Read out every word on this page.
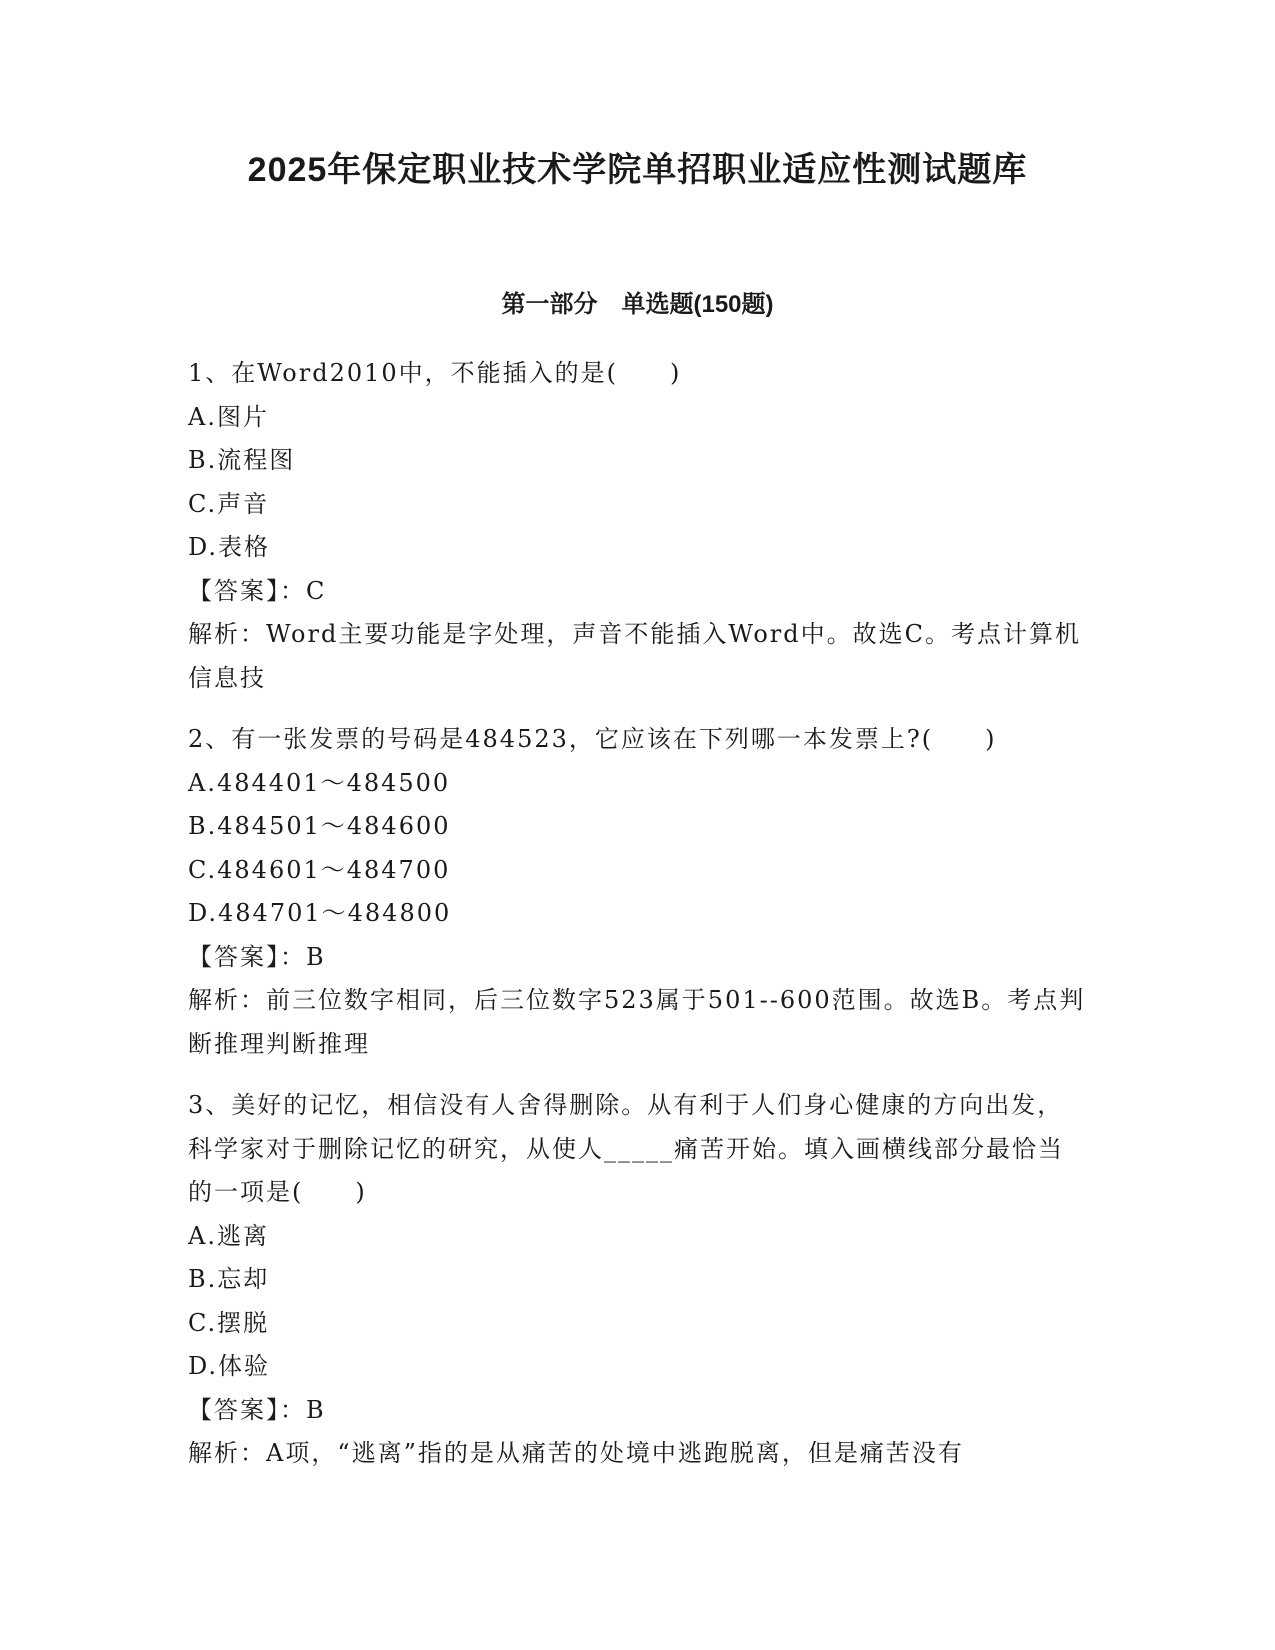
2025年保定职业技术学院单招职业适应性测试题库
第一部分　单选题(150题)
1、在Word2010中，不能插入的是(　　)
A.图片
B.流程图
C.声音
D.表格
【答案】：C
解析：Word主要功能是字处理，声音不能插入Word中。故选C。考点计算机信息技
2、有一张发票的号码是484523，它应该在下列哪一本发票上?(　　)
A.484401～484500
B.484501～484600
C.484601～484700
D.484701～484800
【答案】：B
解析：前三位数字相同，后三位数字523属于501--600范围。故选B。考点判断推理判断推理
3、美好的记忆，相信没有人舍得删除。从有利于人们身心健康的方向出发，科学家对于删除记忆的研究，从使人_____痛苦开始。填入画横线部分最恰当的一项是(　　)
A.逃离
B.忘却
C.摆脱
D.体验
【答案】：B
解析：A项，“逃离”指的是从痛苦的处境中逃跑脱离，但是痛苦没有
